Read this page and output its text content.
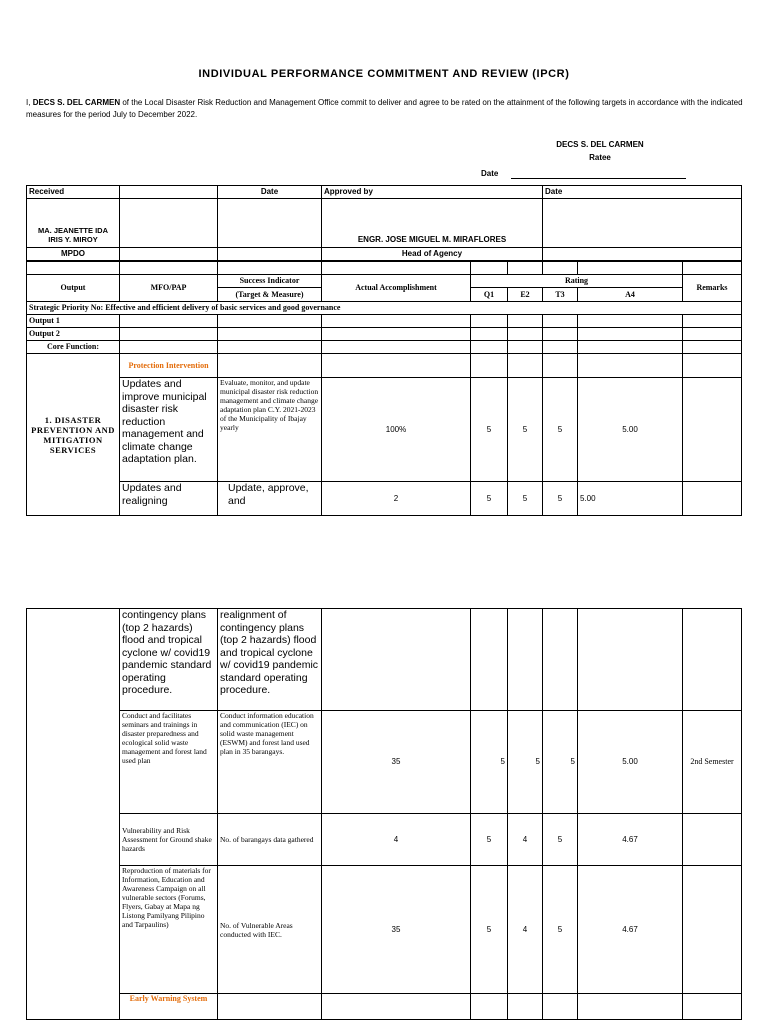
INDIVIDUAL PERFORMANCE COMMITMENT AND REVIEW (IPCR)
I, DECS S. DEL CARMEN of the Local Disaster Risk Reduction and Management Office commit to deliver and agree to be rated on the attainment of the following targets in accordance with the indicated measures for the period July to December 2022.
DECS S. DEL CARMEN
Ratee
Date
Received		Date	Approved by	Date

MA. JEANETTE IDA
IRIS Y. MIROY			ENGR. JOSE MIGUEL M. MIRAFLORES	
MPDO			Head of Agency	

Output	MFO/PAP	Success Indicator	Actual Accomplishment	Rating				Remarks
		(Target & Measure)		Q1	E2	T3	A4	
Strategic Priority No: Effective and efficient delivery of basic services and good governance								
Output 1								
Output 2								
Core Function:								
1. DISASTER PREVENTION AND MITIGATION SERVICES	Protection Intervention							
	Updates and improve municipal disaster risk reduction management and climate change adaptation plan.	Evaluate, monitor, and update municipal disaster risk reduction management and climate change adaptation plan C.Y. 2021-2023 of the Municipality of Ibajay yearly	100%	5	5	5	5.00	
	Updates and realigning	Update, approve, and	2	5	5	5	5.00	
	contingency plans (top 2 hazards) flood and tropical cyclone w/ covid19 pandemic standard operating procedure.	realignment of contingency plans (top 2 hazards) flood and tropical cyclone w/ covid19 pandemic standard operating procedure.						
	Conduct and facilitates seminars and trainings in disaster preparedness and ecological solid waste management and forest land used plan	Conduct information education and communication (IEC) on solid waste management (ESWM) and forest land used plan in 35 barangays.	35	5	5	5	5.00	2nd Semester
	Vulnerability and Risk Assessment for Ground shake hazards	No. of barangays data gathered	4	5	4	5	4.67	
	Reproduction of materials for Information, Education and Awareness Campaign on all vulnerable sectors (Forums, Flyers, Gabay at Mapa ng Listong Pamilyang Pilipino and Tarpaulins)	No. of Vulnerable Areas conducted with IEC.	35	5	4	5	4.67	
	Early Warning System							
